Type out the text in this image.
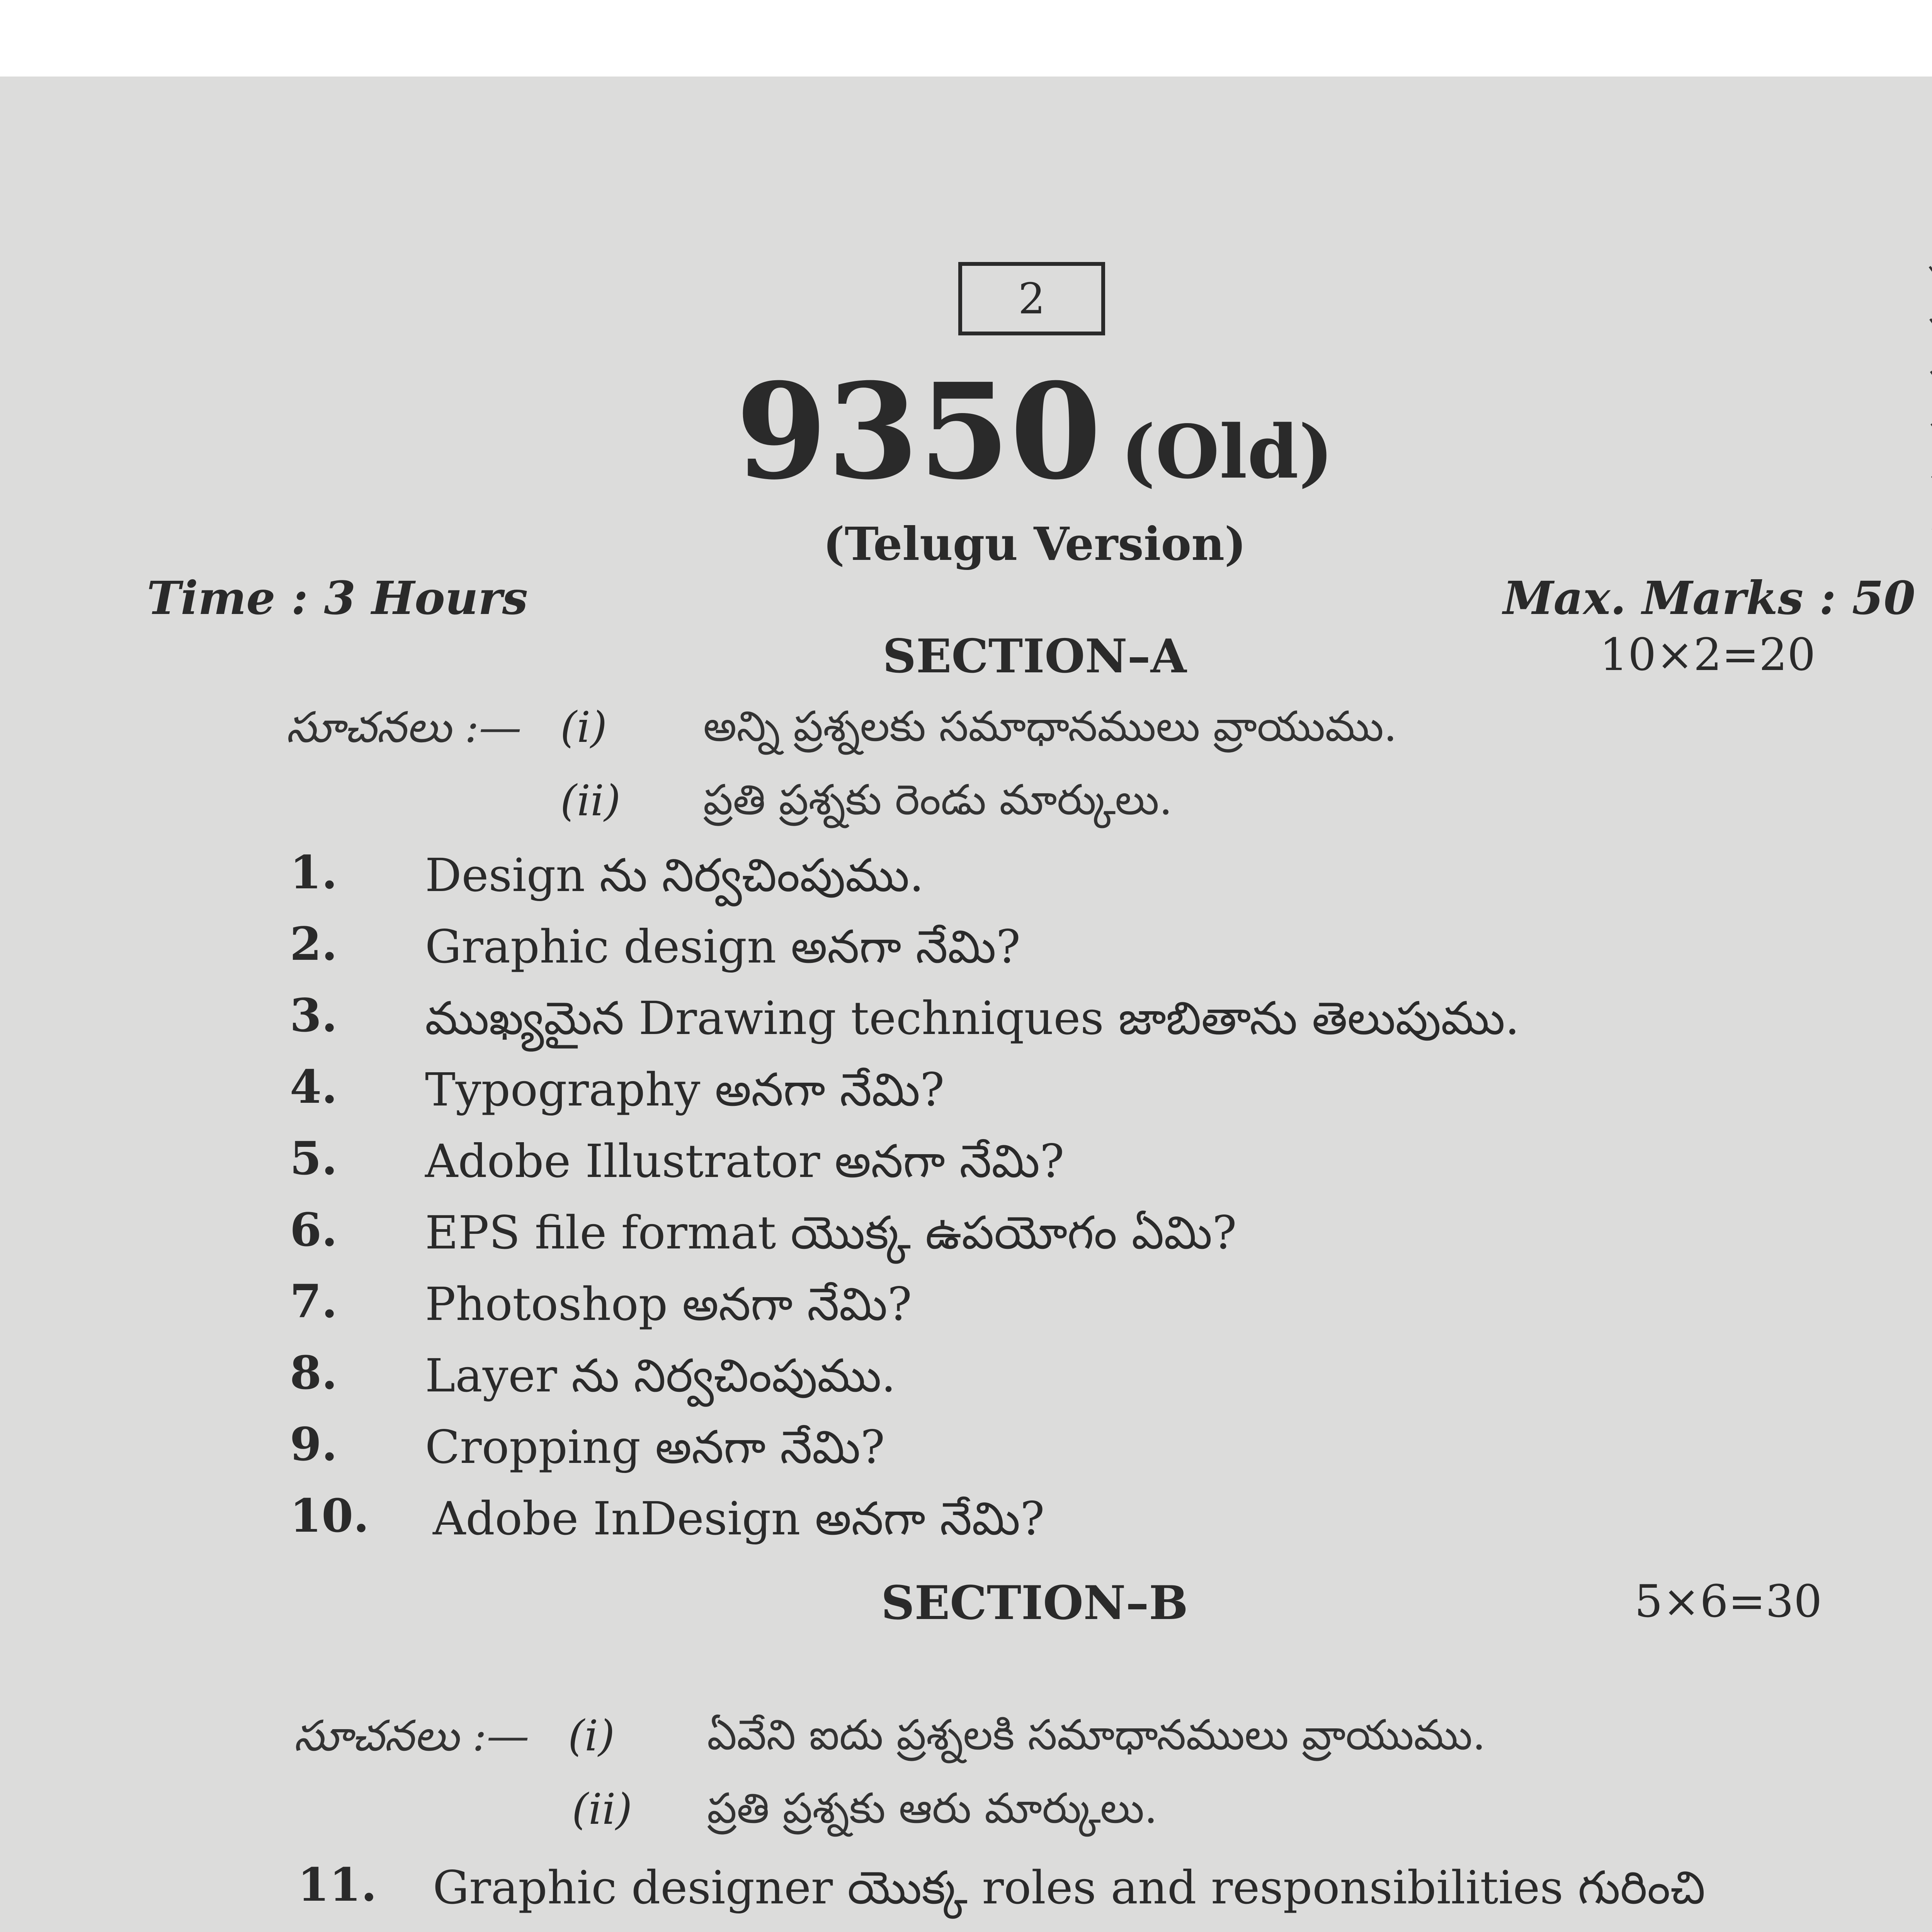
2
9350 (Old)
(Telugu Version)
Time : 3 Hours	Max. Marks : 50
SECTION–A	10×2=20
సూచనలు :— (i) అన్ని ప్రశ్నలకు సమాధానములు వ్రాయుము.
(ii) ప్రతి ప్రశ్నకు రెండు మార్కులు.
1. Design ను నిర్వచింపుము.
2. Graphic design అనగా నేమి?
3. ముఖ్యమైన Drawing techniques జాబితాను తెలుపుము.
4. Typography అనగా నేమి?
5. Adobe Illustrator అనగా నేమి?
6. EPS file format యొక్క ఉపయోగం ఏమి?
7. Photoshop అనగా నేమి?
8. Layer ను నిర్వచింపుము.
9. Cropping అనగా నేమి?
10. Adobe InDesign అనగా నేమి?
SECTION–B	5×6=30
సూచనలు :— (i) ఏవేని ఐదు ప్రశ్నలకి సమాధానములు వ్రాయుము.
(ii) ప్రతి ప్రశ్నకు ఆరు మార్కులు.
11. Graphic designer యొక్క roles and responsibilities గురించి
